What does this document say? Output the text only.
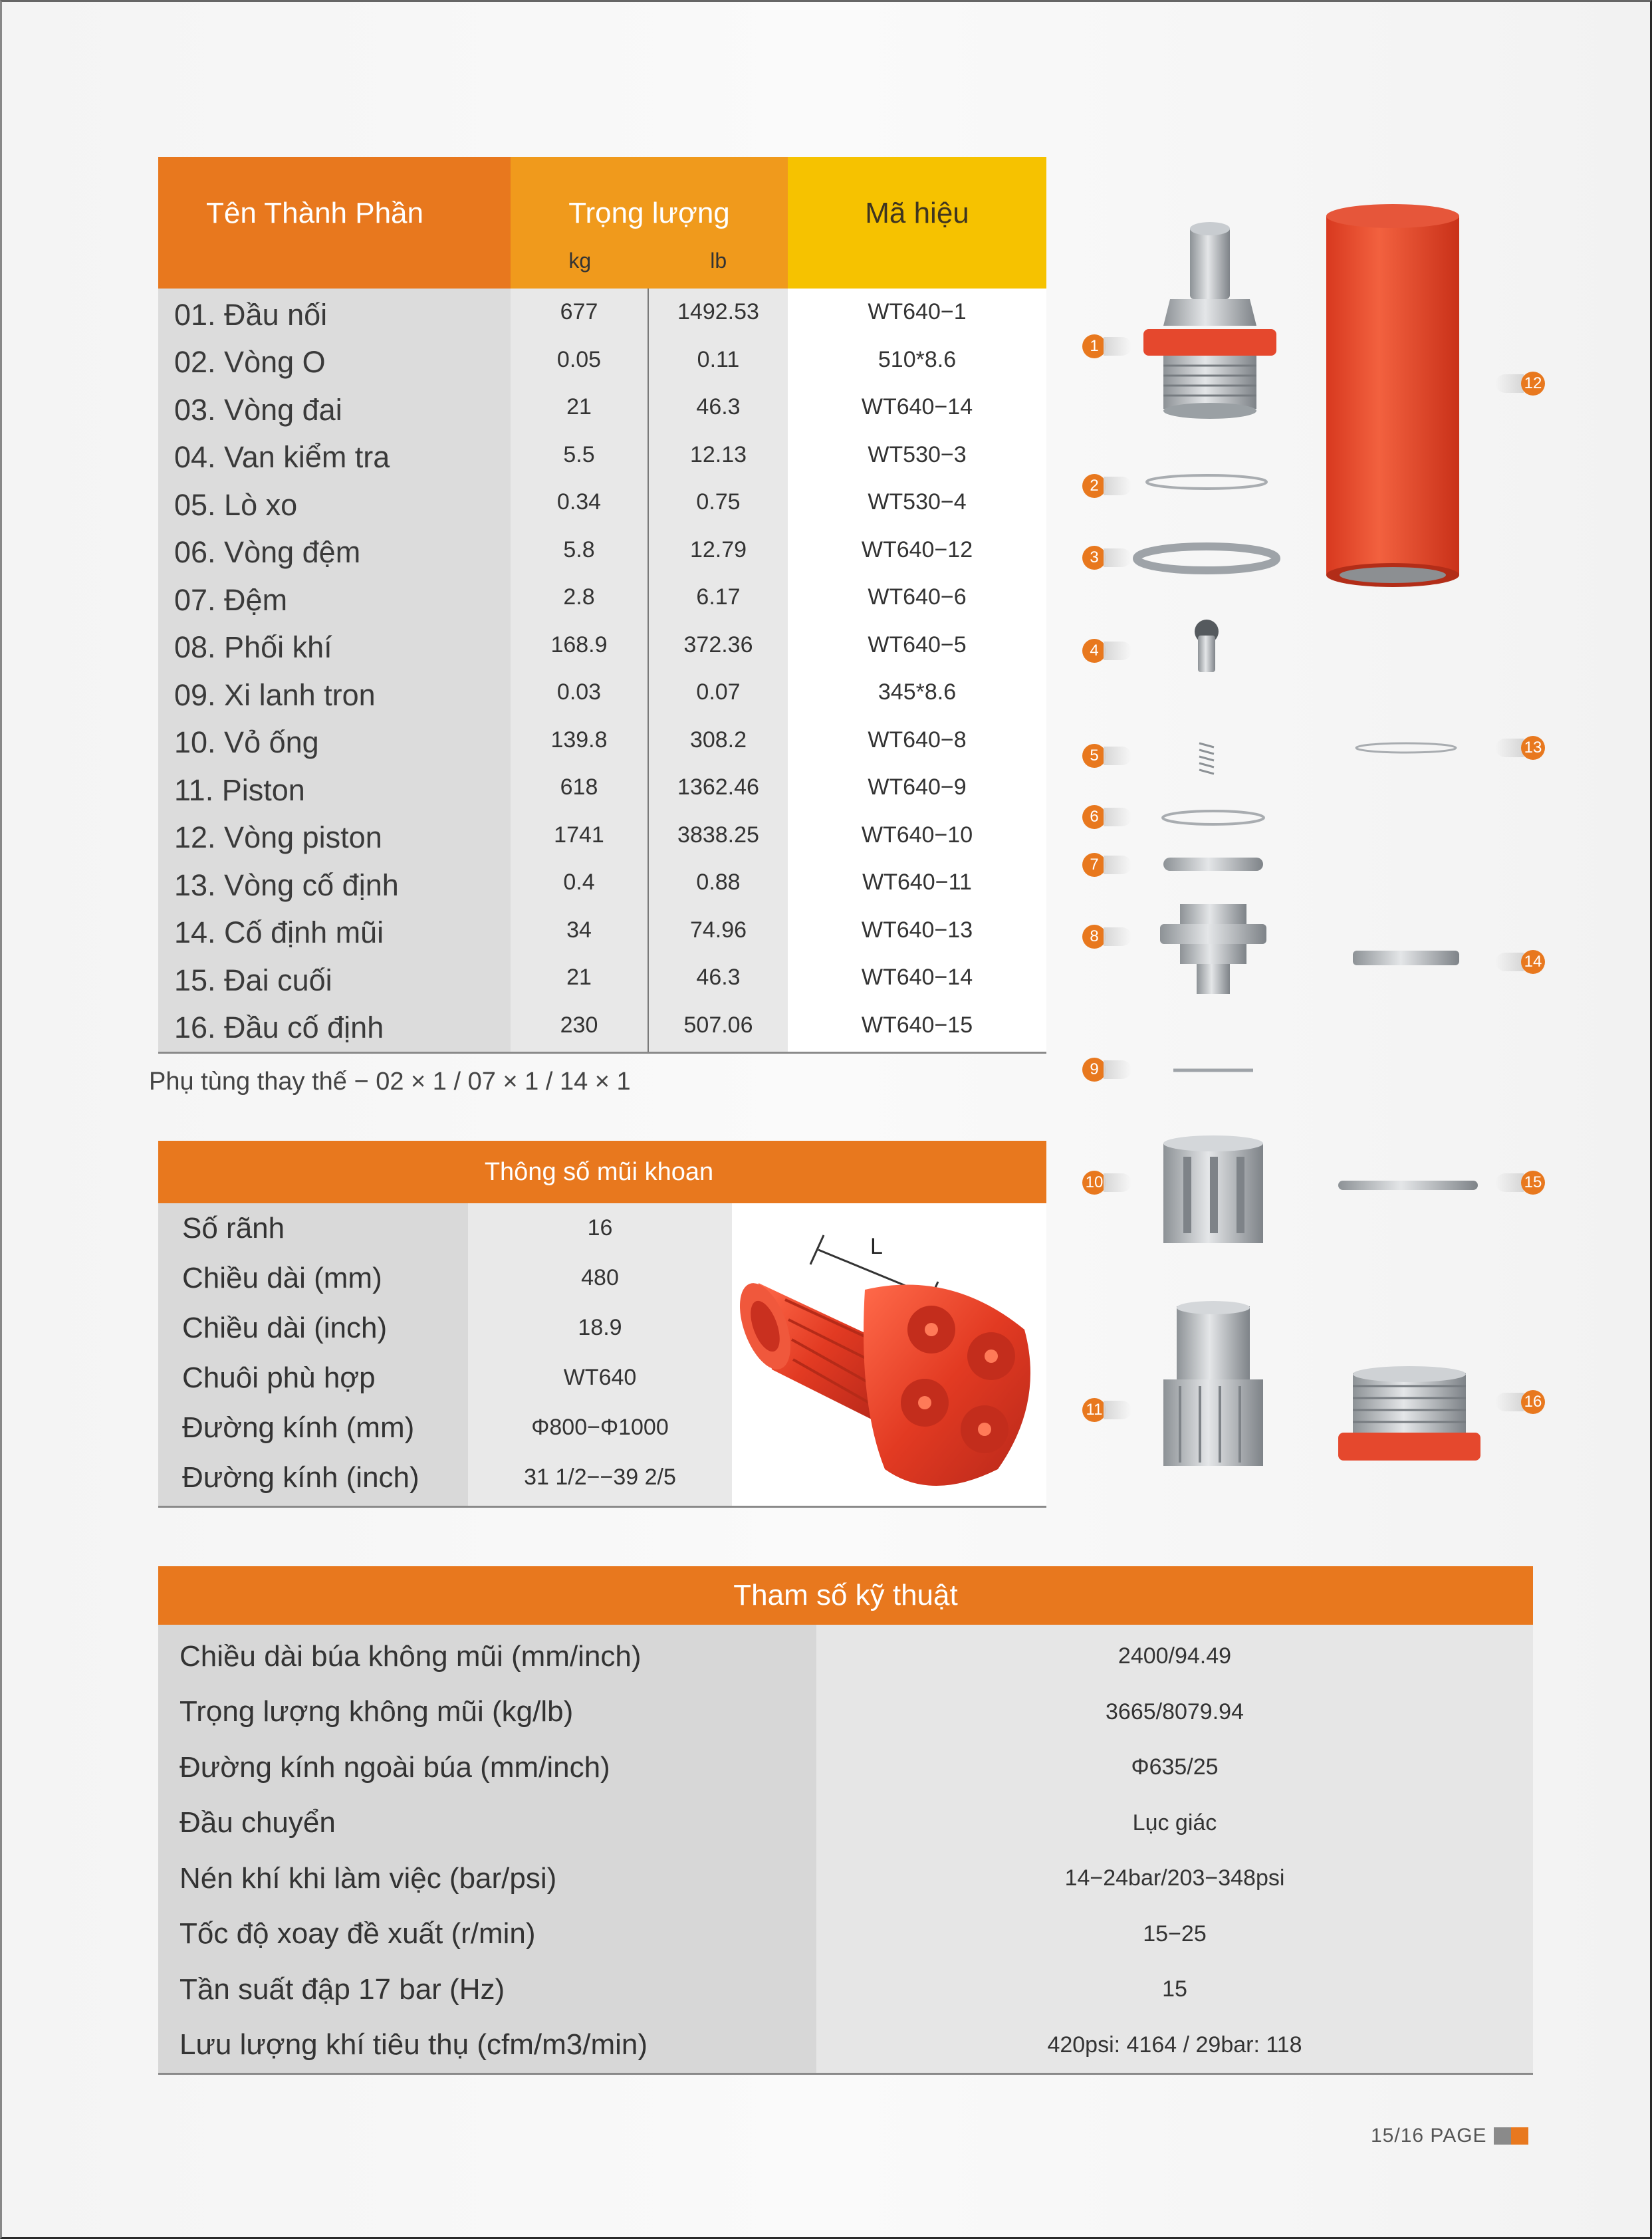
Tên Thành Phần	Trọng lượng
kg	lb
Mã hiệu
01. Đầu nối
02. Vòng O
03. Vòng đai
04. Van kiểm tra
05. Lò xo
06. Vòng đệm
07. Đệm
08. Phối khí
09. Xi lanh tron
10. Vỏ ống
11. Piston
12. Vòng piston
13. Vòng cố định
14. Cố định mũi
15. Đai cuối
16. Đầu cố định
677
0.05
21
5.5
0.34
5.8
2.8
168.9
0.03
139.8
618
1741
0.4
34
21
230
1492.53
0.11
46.3
12.13
0.75
12.79
6.17
372.36
0.07
308.2
1362.46
3838.25
0.88
74.96
46.3
507.06
WT640−1
510*8.6
WT640−14
WT530−3
WT530−4
WT640−12
WT640−6
WT640−5
345*8.6
WT640−8
WT640−9
WT640−10
WT640−11
WT640−13
WT640−14
WT640−15
Phụ tùng thay thế − 02 × 1 / 07 × 1 / 14 × 1
Thông số mũi khoan
Số rãnh
Chiều dài (mm)
Chiều dài (inch)
Chuôi phù hợp
Đường kính (mm)
Đường kính (inch)
16
480
18.9
WT640
Φ800−Φ1000
31 1/2−−39 2/5
L
Tham số kỹ thuật
Chiều dài búa không mũi (mm/inch)
Trọng lượng không mũi (kg/lb)
Đường kính ngoài búa (mm/inch)
Đầu chuyển
Nén khí khi làm việc (bar/psi)
Tốc độ xoay đề xuất (r/min)
Tần suất đập 17 bar (Hz)
Lưu lượng khí tiêu thụ (cfm/m3/min)
2400/94.49
3665/8079.94
Φ635/25
Lục giác
14−24bar/203−348psi
15−25
15
420psi: 4164 / 29bar: 118
1
2
3
4
5
6
7
8
9
10
11
12
13
14
15
16
15/16 PAGE
